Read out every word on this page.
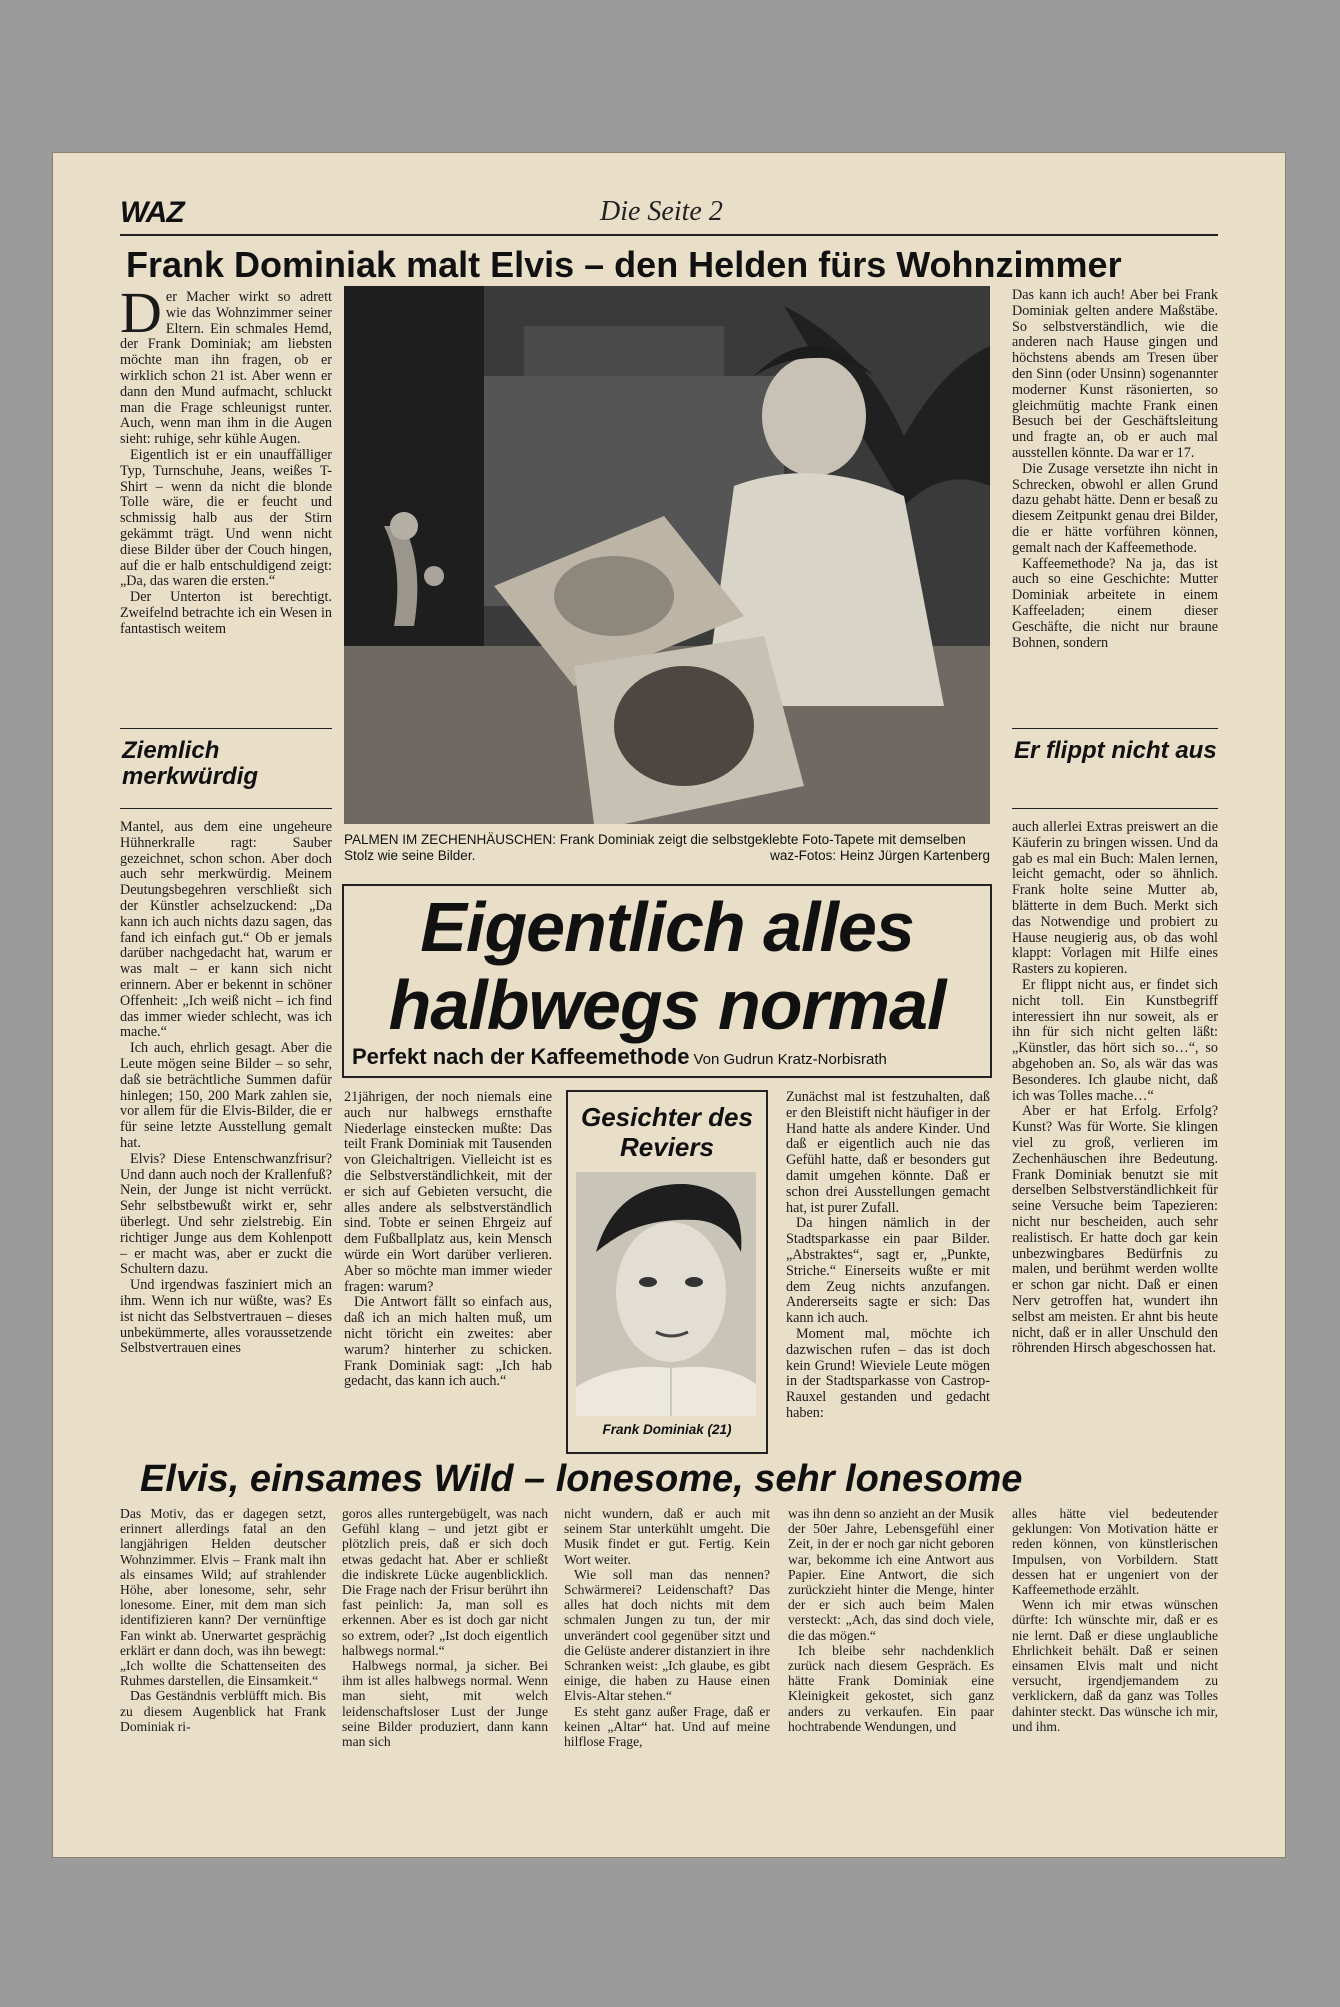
WAZ	Die Seite 2
Frank Dominiak malt Elvis – den Helden fürs Wohnzimmer

Der Macher wirkt so adrett wie das Wohnzimmer seiner Eltern. Ein schmales Hemd, der Frank Dominiak; am liebsten möchte man ihn fragen, ob er wirklich schon 21 ist. Aber wenn er dann den Mund aufmacht, schluckt man die Frage schleunigst runter. Auch, wenn man ihm in die Augen sieht: ruhige, sehr kühle Augen.

Eigentlich ist er ein unauffälliger Typ, Turnschuhe, Jeans, weißes T-Shirt – wenn da nicht die blonde Tolle wäre, die er feucht und schmissig halb aus der Stirn gekämmt trägt. Und wenn nicht diese Bilder über der Couch hingen, auf die er halb entschuldigend zeigt: „Da, das waren die ersten.“

Der Unterton ist berechtigt. Zweifelnd betrachte ich ein Wesen in fantastisch weitem

Ziemlich merkwürdig

Mantel, aus dem eine ungeheure Hühnerkralle ragt: Sauber gezeichnet, schon schon. Aber doch auch sehr merkwürdig. Meinem Deutungsbegehren verschließt sich der Künstler achselzuckend: „Da kann ich auch nichts dazu sagen, das fand ich einfach gut.“ Ob er jemals darüber nachgedacht hat, warum er was malt – er kann sich nicht erinnern. Aber er bekennt in schöner Offenheit: „Ich weiß nicht – ich find das immer wieder schlecht, was ich mache.“

Ich auch, ehrlich gesagt. Aber die Leute mögen seine Bilder – so sehr, daß sie beträchtliche Summen dafür hinlegen; 150, 200 Mark zahlen sie, vor allem für die Elvis-Bilder, die er für seine letzte Ausstellung gemalt hat.

Elvis? Diese Entenschwanzfrisur? Und dann auch noch der Krallenfuß? Nein, der Junge ist nicht verrückt. Sehr selbstbewußt wirkt er, sehr überlegt. Und sehr zielstrebig. Ein richtiger Junge aus dem Kohlenpott – er macht was, aber er zuckt die Schultern dazu.

Und irgendwas fasziniert mich an ihm. Wenn ich nur wüßte, was? Es ist nicht das Selbstvertrauen – dieses unbekümmerte, alles voraussetzende Selbstvertrauen eines

PALMEN IM ZECHENHÄUSCHEN: Frank Dominiak zeigt die selbstgeklebte Foto-Tapete mit demselben Stolz wie seine Bilder.	waz-Fotos: Heinz Jürgen Kartenberg
Eigentlich alles
halbwegs normal
Perfekt nach der Kaffeemethode Von Gudrun Kratz-Norbisrath

21jährigen, der noch niemals eine auch nur halbwegs ernsthafte Niederlage einstecken mußte: Das teilt Frank Dominiak mit Tausenden von Gleichaltrigen. Vielleicht ist es die Selbstverständlichkeit, mit der er sich auf Gebieten versucht, die alles andere als selbstverständlich sind. Tobte er seinen Ehrgeiz auf dem Fußballplatz aus, kein Mensch würde ein Wort darüber verlieren. Aber so möchte man immer wieder fragen: warum?

Die Antwort fällt so einfach aus, daß ich an mich halten muß, um nicht töricht ein zweites: aber warum? hinterher zu schicken. Frank Dominiak sagt: „Ich hab gedacht, das kann ich auch.“

Gesichter des Reviers
Frank Dominiak (21)

Zunächst mal ist festzuhalten, daß er den Bleistift nicht häufiger in der Hand hatte als andere Kinder. Und daß er eigentlich auch nie das Gefühl hatte, daß er besonders gut damit umgehen könnte. Daß er schon drei Ausstellungen gemacht hat, ist purer Zufall.

Da hingen nämlich in der Stadtsparkasse ein paar Bilder. „Abstraktes“, sagt er, „Punkte, Striche.“ Einerseits wußte er mit dem Zeug nichts anzufangen. Andererseits sagte er sich: Das kann ich auch.

Moment mal, möchte ich dazwischen rufen – das ist doch kein Grund! Wieviele Leute mögen in der Stadtsparkasse von Castrop-Rauxel gestanden und gedacht haben:

Das kann ich auch! Aber bei Frank Dominiak gelten andere Maßstäbe. So selbstverständlich, wie die anderen nach Hause gingen und höchstens abends am Tresen über den Sinn (oder Unsinn) sogenannter moderner Kunst räsonierten, so gleichmütig machte Frank einen Besuch bei der Geschäftsleitung und fragte an, ob er auch mal ausstellen könnte. Da war er 17.

Die Zusage versetzte ihn nicht in Schrecken, obwohl er allen Grund dazu gehabt hätte. Denn er besaß zu diesem Zeitpunkt genau drei Bilder, die er hätte vorführen können, gemalt nach der Kaffeemethode.

Kaffeemethode? Na ja, das ist auch so eine Geschichte: Mutter Dominiak arbeitete in einem Kaffeeladen; einem dieser Geschäfte, die nicht nur braune Bohnen, sondern

Er flippt nicht aus

auch allerlei Extras preiswert an die Käuferin zu bringen wissen. Und da gab es mal ein Buch: Malen lernen, leicht gemacht, oder so ähnlich. Frank holte seine Mutter ab, blätterte in dem Buch. Merkt sich das Notwendige und probiert zu Hause neugierig aus, ob das wohl klappt: Vorlagen mit Hilfe eines Rasters zu kopieren.

Er flippt nicht aus, er findet sich nicht toll. Ein Kunstbegriff interessiert ihn nur soweit, als er ihn für sich nicht gelten läßt: „Künstler, das hört sich so…“, so abgehoben an. So, als wär das was Besonderes. Ich glaube nicht, daß ich was Tolles mache…“

Aber er hat Erfolg. Erfolg? Kunst? Was für Worte. Sie klingen viel zu groß, verlieren im Zechenhäuschen ihre Bedeutung. Frank Dominiak benutzt sie mit derselben Selbstverständlichkeit für seine Versuche beim Tapezieren: nicht nur bescheiden, auch sehr realistisch. Er hatte doch gar kein unbezwingbares Bedürfnis zu malen, und berühmt werden wollte er schon gar nicht. Daß er einen Nerv getroffen hat, wundert ihn selbst am meisten. Er ahnt bis heute nicht, daß er in aller Unschuld den röhrenden Hirsch abgeschossen hat.

Elvis, einsames Wild – lonesome, sehr lonesome

Das Motiv, das er dagegen setzt, erinnert allerdings fatal an den langjährigen Helden deutscher Wohnzimmer. Elvis – Frank malt ihn als einsames Wild; auf strahlender Höhe, aber lonesome, sehr, sehr lonesome. Einer, mit dem man sich identifizieren kann? Der vernünftige Fan winkt ab. Unerwartet gesprächig erklärt er dann doch, was ihn bewegt: „Ich wollte die Schattenseiten des Ruhmes darstellen, die Einsamkeit.“

Das Geständnis verblüfft mich. Bis zu diesem Augenblick hat Frank Dominiak ri-

goros alles runtergebügelt, was nach Gefühl klang – und jetzt gibt er plötzlich preis, daß er sich doch etwas gedacht hat. Aber er schließt die indiskrete Lücke augenblicklich. Die Frage nach der Frisur berührt ihn fast peinlich: Ja, man soll es erkennen. Aber es ist doch gar nicht so extrem, oder? „Ist doch eigentlich halbwegs normal.“

Halbwegs normal, ja sicher. Bei ihm ist alles halbwegs normal. Wenn man sieht, mit welch leidenschaftsloser Lust der Junge seine Bilder produziert, dann kann man sich

nicht wundern, daß er auch mit seinem Star unterkühlt umgeht. Die Musik findet er gut. Fertig. Kein Wort weiter.

Wie soll man das nennen? Schwärmerei? Leidenschaft? Das alles hat doch nichts mit dem schmalen Jungen zu tun, der mir unverändert cool gegenüber sitzt und die Gelüste anderer distanziert in ihre Schranken weist: „Ich glaube, es gibt einige, die haben zu Hause einen Elvis-Altar stehen.“

Es steht ganz außer Frage, daß er keinen „Altar“ hat. Und auf meine hilflose Frage,

was ihn denn so anzieht an der Musik der 50er Jahre, Lebensgefühl einer Zeit, in der er noch gar nicht geboren war, bekomme ich eine Antwort aus Papier. Eine Antwort, die sich zurückzieht hinter die Menge, hinter der er sich auch beim Malen versteckt: „Ach, das sind doch viele, die das mögen.“

Ich bleibe sehr nachdenklich zurück nach diesem Gespräch. Es hätte Frank Dominiak eine Kleinigkeit gekostet, sich ganz anders zu verkaufen. Ein paar hochtrabende Wendungen, und

alles hätte viel bedeutender geklungen: Von Motivation hätte er reden können, von künstlerischen Impulsen, von Vorbildern. Statt dessen hat er ungeniert von der Kaffeemethode erzählt.

Wenn ich mir etwas wünschen dürfte: Ich wünschte mir, daß er es nie lernt. Daß er diese unglaubliche Ehrlichkeit behält. Daß er seinen einsamen Elvis malt und nicht versucht, irgendjemandem zu verklickern, daß da ganz was Tolles dahinter steckt. Das wünsche ich mir, und ihm.
